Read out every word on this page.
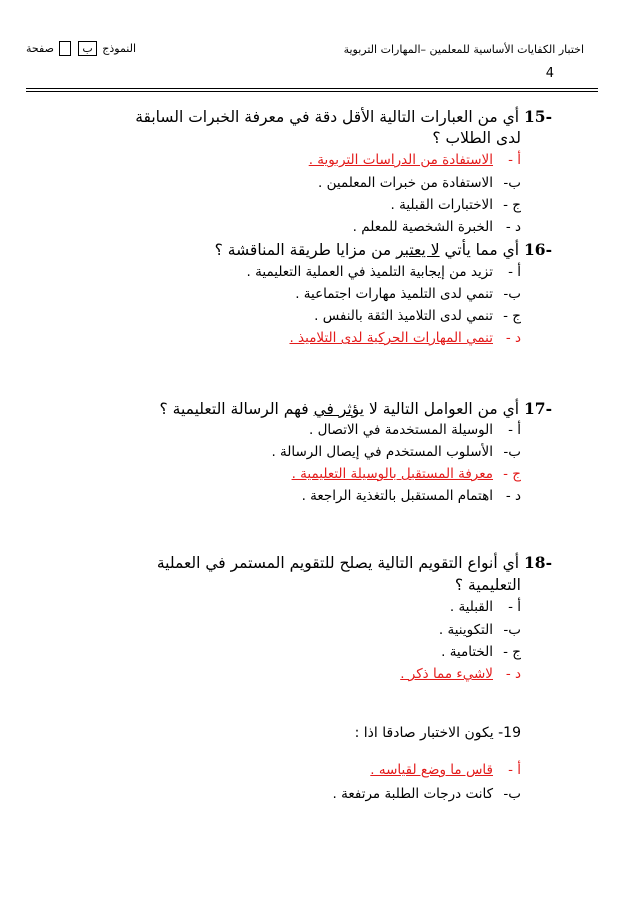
اختبار الكفايات الأساسية للمعلمين –المهارات التربوية
النموذج ب   صفحة
4
-15 أي من العبارات التالية الأقل دقة في معرفة الخبرات السابقة
لدى الطلاب ؟
أ -الاستفادة من الدراسات التربوية .
ب-الاستفادة من خبرات المعلمين .
ج -الاختبارات القبلية .
د -الخبرة الشخصية للمعلم .
-16 أي مما يأتي لا يعتبر من مزايا طريقة المناقشة ؟
أ -تزيد من إيجابية التلميذ في العملية التعليمية .
ب-تنمي لدى التلميذ مهارات اجتماعية .
ج -تنمي لدى التلاميذ الثقة بالنفس .
د -تنمي المهارات الحركية لدى التلاميذ .
-17 أي من العوامل التالية لا يؤثر في فهم الرسالة التعليمية ؟
أ -الوسيلة المستخدمة في الاتصال .
ب-الأسلوب المستخدم في إيصال الرسالة .
ج -معرفة المستقبل بالوسيلة التعليمية .
د -اهتمام المستقبل بالتغذية الراجعة .
-18 أي أنواع التقويم التالية يصلح للتقويم المستمر في العملية
التعليمية ؟
أ -القبلية .
ب-التكوينية .
ج -الختامية .
د -لاشيء مما ذكر .
19- يكون الاختبار صادقا اذا :
أ -قاس ما وضع لقياسه .
ب-كانت درجات الطلبة مرتفعة .
